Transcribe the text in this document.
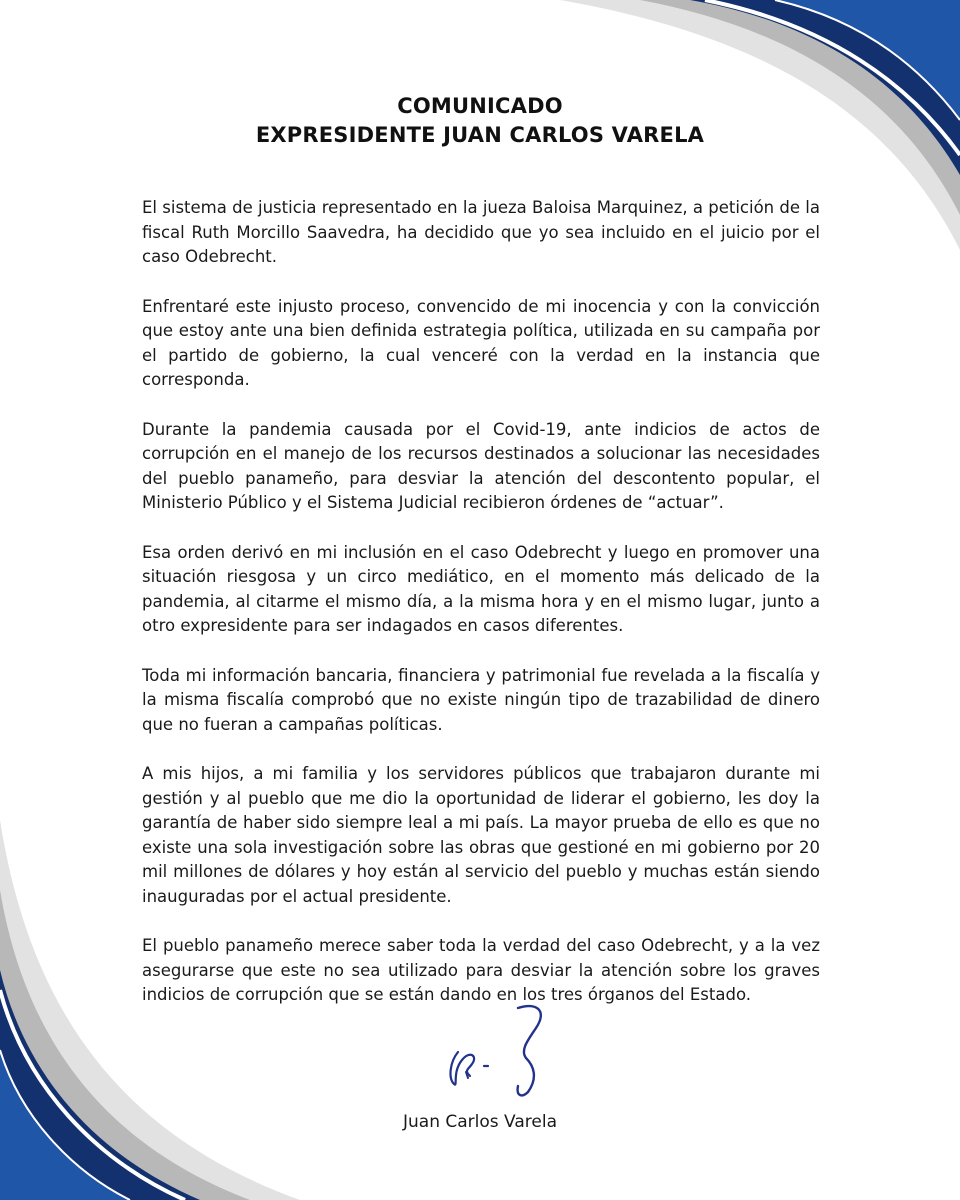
COMUNICADO
EXPRESIDENTE JUAN CARLOS VARELA

El sistema de justicia representado en la jueza Baloisa Marquinez, a petición de la fiscal Ruth Morcillo Saavedra, ha decidido que yo sea incluido en el juicio por el caso Odebrecht.

Enfrentaré este injusto proceso, convencido de mi inocencia y con la convicción que estoy ante una bien definida estrategia política, utilizada en su campaña por el partido de gobierno, la cual venceré con la verdad en la instancia que corresponda.

Durante la pandemia causada por el Covid-19, ante indicios de actos de corrupción en el manejo de los recursos destinados a solucionar las necesidades del pueblo panameño, para desviar la atención del descontento popular, el Ministerio Público y el Sistema Judicial recibieron órdenes de “actuar”.

Esa orden derivó en mi inclusión en el caso Odebrecht y luego en promover una situación riesgosa y un circo mediático, en el momento más delicado de la pandemia, al citarme el mismo día, a la misma hora y en el mismo lugar, junto a otro expresidente para ser indagados en casos diferentes.

Toda mi información bancaria, financiera y patrimonial fue revelada a la fiscalía y la misma fiscalía comprobó que no existe ningún tipo de trazabilidad de dinero que no fueran a campañas políticas.

A mis hijos, a mi familia y los servidores públicos que trabajaron durante mi gestión y al pueblo que me dio la oportunidad de liderar el gobierno, les doy la garantía de haber sido siempre leal a mi país. La mayor prueba de ello es que no existe una sola investigación sobre las obras que gestioné en mi gobierno por 20 mil millones de dólares y hoy están al servicio del pueblo y muchas están siendo inauguradas por el actual presidente.

El pueblo panameño merece saber toda la verdad del caso Odebrecht, y a la vez asegurarse que este no sea utilizado para desviar la atención sobre los graves indicios de corrupción que se están dando en los tres órganos del Estado.

Juan Carlos Varela
